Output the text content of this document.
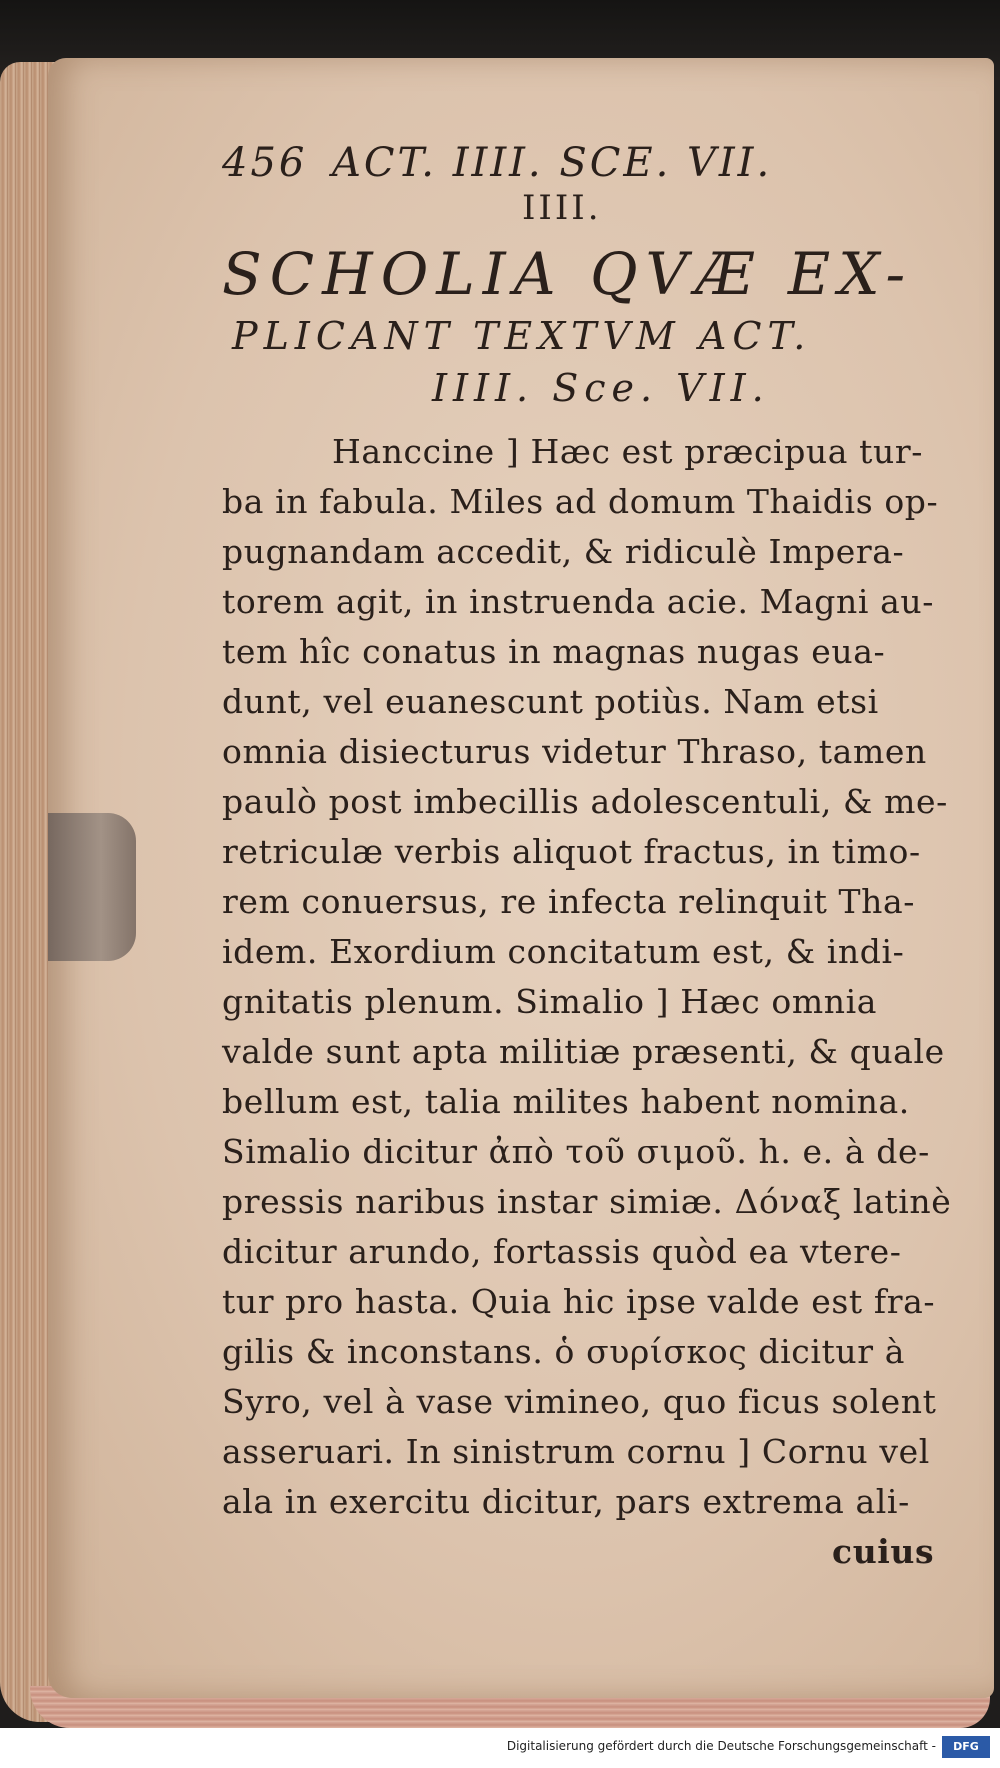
456 ACT. IIII. SCE. VII.
IIII.
SCHOLIA QVÆ EX-
PLICANT TEXTVM ACT.
IIII. Sce. VII.
Hanccine ] Hæc est præcipua tur-
ba in fabula. Miles ad domum Thaidis op-
pugnandam accedit, & ridiculè Impera-
torem agit, in instruenda acie. Magni au-
tem hîc conatus in magnas nugas eua-
dunt, vel euanescunt potiùs. Nam etsi
omnia disiecturus videtur Thraso, tamen
paulò post imbecillis adolescentuli, & me-
retriculæ verbis aliquot fractus, in timo-
rem conuersus, re infecta relinquit Tha-
idem. Exordium concitatum est, & indi-
gnitatis plenum. Simalio ] Hæc omnia
valde sunt apta militiæ præsenti, & quale
bellum est, talia milites habent nomina.
Simalio dicitur ἀπὸ τοῦ σιμοῦ. h. e. à de-
pressis naribus instar simiæ. Δόναξ latinè
dicitur arundo, fortassis quòd ea vtere-
tur pro hasta. Quia hic ipse valde est fra-
gilis & inconstans. ὁ συρίσκος dicitur à
Syro, vel à vase vimineo, quo ficus solent
asseruari. In sinistrum cornu ] Cornu vel
ala in exercitu dicitur, pars extrema ali-
cuius
Digitalisierung gefördert durch die Deutsche Forschungsgemeinschaft -	DFG
